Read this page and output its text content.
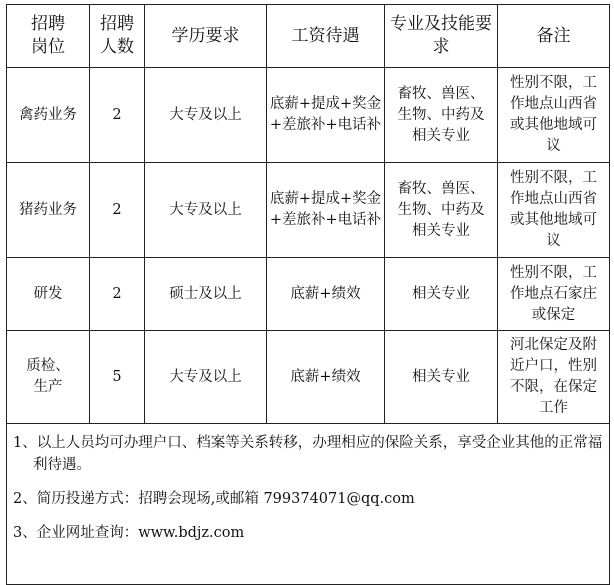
招聘岗位	招聘人数	学历要求	工资待遇	专业及技能要求	备注
禽药业务	2	大专及以上	底薪+提成+奖金+差旅补+电话补	畜牧、兽医、生物、中药及相关专业	性别不限，工作地点山西省或其他地域可议
猪药业务	2	大专及以上	底薪+提成+奖金+差旅补+电话补	畜牧、兽医、生物、中药及相关专业	性别不限，工作地点山西省或其他地域可议
研发	2	硕士及以上	底薪+绩效	相关专业	性别不限，工作地点石家庄或保定
质检、生产	5	大专及以上	底薪+绩效	相关专业	河北保定及附近户口，性别不限，在保定工作

1、以上人员均可办理户口、档案等关系转移，办理相应的保险关系，享受企业其他的正常福利待遇。
2、简历投递方式：招聘会现场,或邮箱 799374071@qq.com
3、企业网址查询：www.bdjz.com					
